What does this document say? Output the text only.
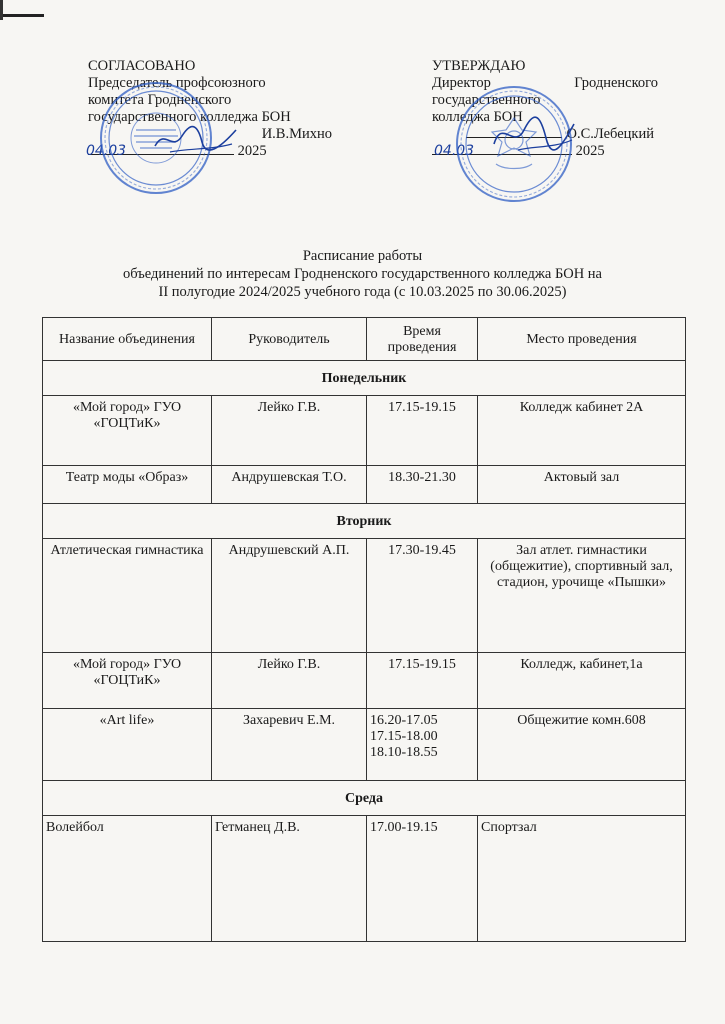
СОГЛАСОВАНО
Председатель профсоюзного
комитета Гродненского
государственного колледжа БОН
И.В.Михно
2025
УТВЕРЖДАЮ
Директор	Гродненского
государственного
колледжа БОН
О.С.Лебецкий
2025
04.03	04.03
Расписание работы
объединений по интересам Гродненского государственного колледжа БОН на
II полугодие 2024/2025 учебного года (с 10.03.2025 по 30.06.2025)
Название объединения	Руководитель	Время проведения	Место проведения
Понедельник			
«Мой город» ГУО «ГОЦТиК»	Лейко Г.В.	17.15-19.15	Колледж кабинет 2А
Театр моды «Образ»	Андрушевская Т.О.	18.30-21.30	Актовый зал
Вторник			
Атлетическая гимнастика	Андрушевский А.П.	17.30-19.45	Зал атлет. гимнастики (общежитие), спортивный зал, стадион, урочище «Пышки»
«Мой город» ГУО «ГОЦТиК»	Лейко Г.В.	17.15-19.15	Колледж, кабинет,1а
«Art life»	Захаревич Е.М.	16.20-17.05
17.15-18.00
18.10-18.55	Общежитие комн.608
Среда			
Волейбол	Гетманец Д.В.	17.00-19.15	Спортзал
